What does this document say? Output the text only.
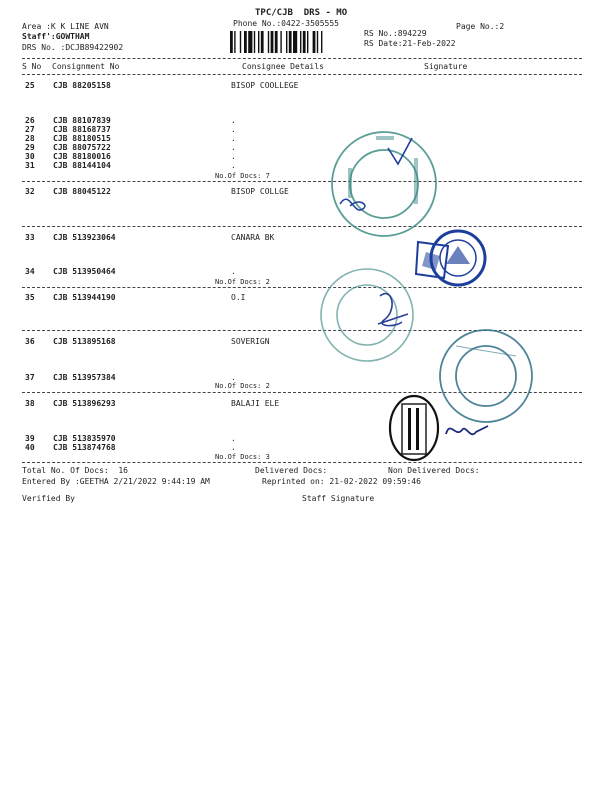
Area :K K LINE AVN
Staff':GOWTHAM
DRS No. :DCJB89422902
TPC/CJB  DRS - MO
Phone No.:0422-3505555	Page No.:2
RS No.:894229
RS Date:21-Feb-2022
S No Consignment No	Consignee Details	Signature
25 CJB 88205158	BISOP COOLLEGE
26 CJB 88107839	.
27 CJB 88168737	.
28 CJB 88180515	.
29 CJB 88075722	.
30 CJB 88180016	.
31 CJB 88144104	.
No.Of Docs: 7
32 CJB 88045122	BISOP COLLGE
33 CJB 513923064	CANARA BK
34 CJB 513950464	.
No.Of Docs: 2
35 CJB 513944190	O.I
36 CJB 513895168	SOVERIGN
37 CJB 513957384	.
No.Of Docs: 2
38 CJB 513896293	BALAJI ELE
39 CJB 513835970	.
40 CJB 513874768	.
No.Of Docs: 3
Total No. Of Docs:  16	Delivered Docs:	Non Delivered Docs:
Entered By :GEETHA 2/21/2022 9:44:19 AM	Reprinted on: 21-02-2022 09:59:46
Verified By	Staff Signature
